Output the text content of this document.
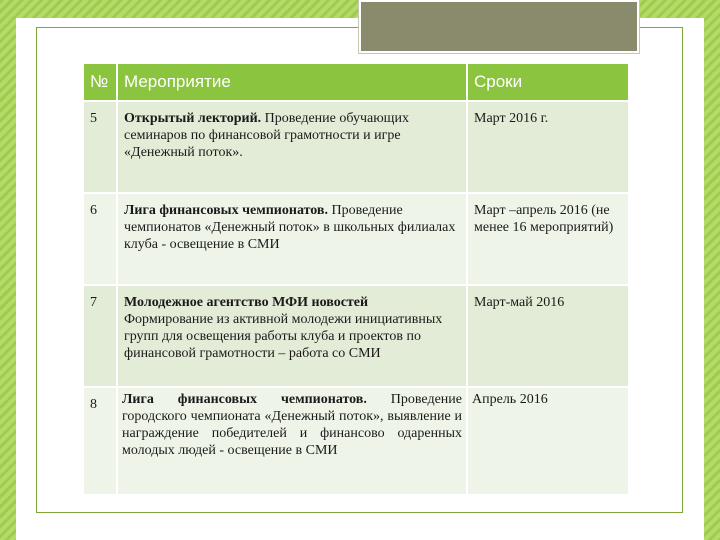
№	Мероприятие	Сроки
5	Открытый лекторий. Проведение обучающих семинаров по финансовой грамотности и игре «Денежный поток».	Март 2016 г.
6	Лига финансовых чемпионатов. Проведение чемпионатов «Денежный поток» в школьных филиалах клуба - освещение в СМИ	Март –апрель 2016 (не менее 16 мероприятий)
7	Молодежное агентство МФИ новостей Формирование из активной молодежи инициативных групп для освещения работы клуба и проектов по финансовой грамотности – работа со СМИ	Март-май 2016
8	Лига финансовых чемпионатов. Проведение городского чемпионата «Денежный поток», выявление и награждение победителей и финансово одаренных молодых людей - освещение в СМИ	Апрель 2016
